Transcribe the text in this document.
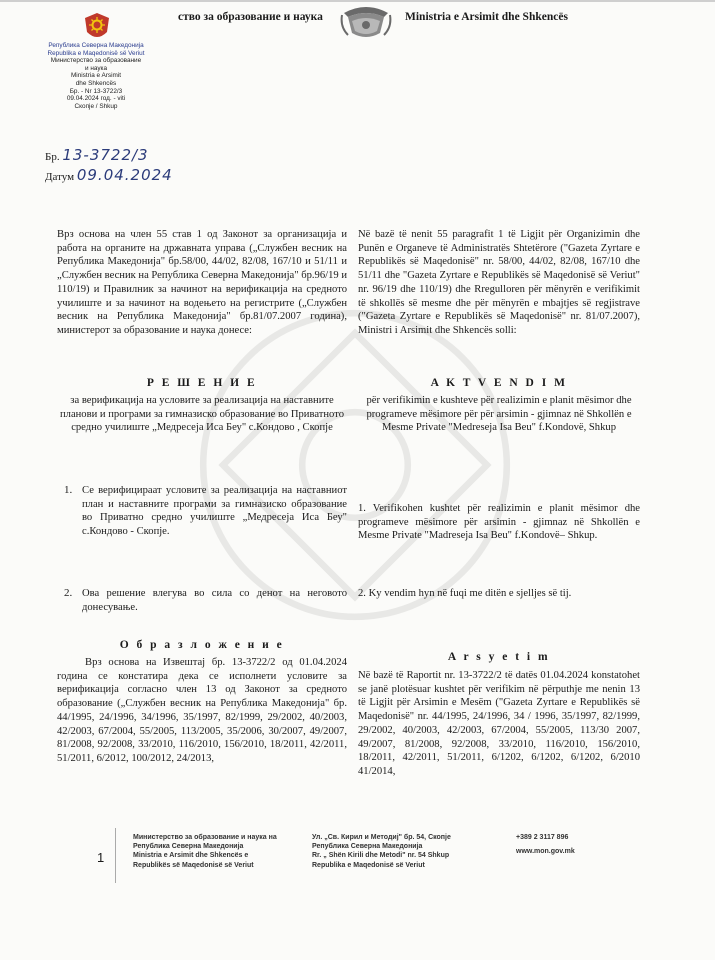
ство за образование и наука	Ministria e Arsimit dhe Shkencës
Република Северна Македонија
Republika e Maqedonisë së Veriut
Министерство за образование
и наука
Ministria e Arsimit
dhe Shkencës
Бр. - Nr 13-3722/3
09.04.2024 год. - viti
Скопје / Shkup
Бр. 13-3722/3
Датум 09.04.2024
Врз основа на член 55 став 1 од Законот за организација и работа на органите на државната управа („Службен весник на Република Македонија" бр.58/00, 44/02, 82/08, 167/10 и 51/11 и „Службен весник на Република Северна Македонија" бр.96/19 и 110/19) и Правилник за начинот на верификација на средното училиште и за начинот на водењето на регистрите („Службен весник на Република Македонија" бр.81/07.2007 година), министерот за образование и наука донесе:
Р Е Ш Е Н И Е
за верификација на условите за реализација на наставните планови и програми за гимназиско образование во Приватното средно училиште „Медресеја Иса Беу" с.Кондово , Скопје
1. Се верифицираат условите за реализација на наставниот план и наставните програми за гимназиско образование во Приватно средно училиште „Медресеја Иса Беу" с.Кондово - Скопје.
2. Ова решение влегува во сила со денот на неговото донесување.
О б р а з л о ж е н и е
Врз основа на Извештај бр. 13-3722/2 од 01.04.2024 година се констатира дека се исполнети условите за верификација согласно член 13 од Законот за средното образование („Службен весник на Република Македонија" бр. 44/1995, 24/1996, 34/1996, 35/1997, 82/1999, 29/2002, 40/2003, 42/2003, 67/2004, 55/2005, 113/2005, 35/2006, 30/2007, 49/2007, 81/2008, 92/2008, 33/2010, 116/2010, 156/2010, 18/2011, 42/2011, 51/2011, 6/2012, 100/2012, 24/2013,
Në bazë të nenit 55 paragrafit 1 të Ligjit për Organizimin dhe Punën e Organeve të Administratës Shtetërore ("Gazeta Zyrtare e Republikës së Maqedonisë" nr. 58/00, 44/02, 82/08, 167/10 dhe 51/11 dhe "Gazeta Zyrtare e Republikës së Maqedonisë së Veriut" nr. 96/19 dhe 110/19) dhe Rregulloren për mënyrën e verifikimit të shkollës së mesme dhe për mënyrën e mbajtjes së regjistrave ("Gazeta Zyrtare e Republikës së Maqedonisë" nr. 81/07.2007), Ministri i Arsimit dhe Shkencës solli:
A K T V E N D I M
për verifikimin e kushteve për realizimin e planit mësimor dhe programeve mësimore për për arsimin - gjimnaz në Shkollën e Mesme Private "Medreseja Isa Beu" f.Kondovë, Shkup
1. Verifikohen kushtet për realizimin e planit mësimor dhe programeve mësimore për arsimin - gjimnaz në Shkollën e Mesme Private "Madreseja Isa Beu" f.Kondovë– Shkup.
2. Ky vendim hyn në fuqi me ditën e sjelljes së tij.
A r s y e t i m
Në bazë të Raportit nr. 13-3722/2 të datës 01.04.2024 konstatohet se janë plotësuar kushtet për verifikim në përputhje me nenin 13 të Ligjit për Arsimin e Mesëm ("Gazeta Zyrtare e Republikës së Maqedonisë" nr. 44/1995, 24/1996, 34 / 1996, 35/1997, 82/1999, 29/2002, 40/2003, 42/2003, 67/2004, 55/2005, 113/30 2007, 49/2007, 81/2008, 92/2008, 33/2010, 116/2010, 156/2010, 18/2011, 42/2011, 51/2011, 6/1202, 6/1202, 6/1202, 6/2010 41/2014,
1
Министерство за образование и наука на
Република Северна Македонија
Ministria e Arsimit dhe Shkencës e
Republikës së Maqedonisë së Veriut
Ул. „Св. Кирил и Методиј" бр. 54, Скопје
Република Северна Македонија
Rr. „ Shën Kirili dhe Metodi" nr. 54 Shkup
Republika e Maqedonisë së Veriut
+389 2 3117 896
www.mon.gov.mk
